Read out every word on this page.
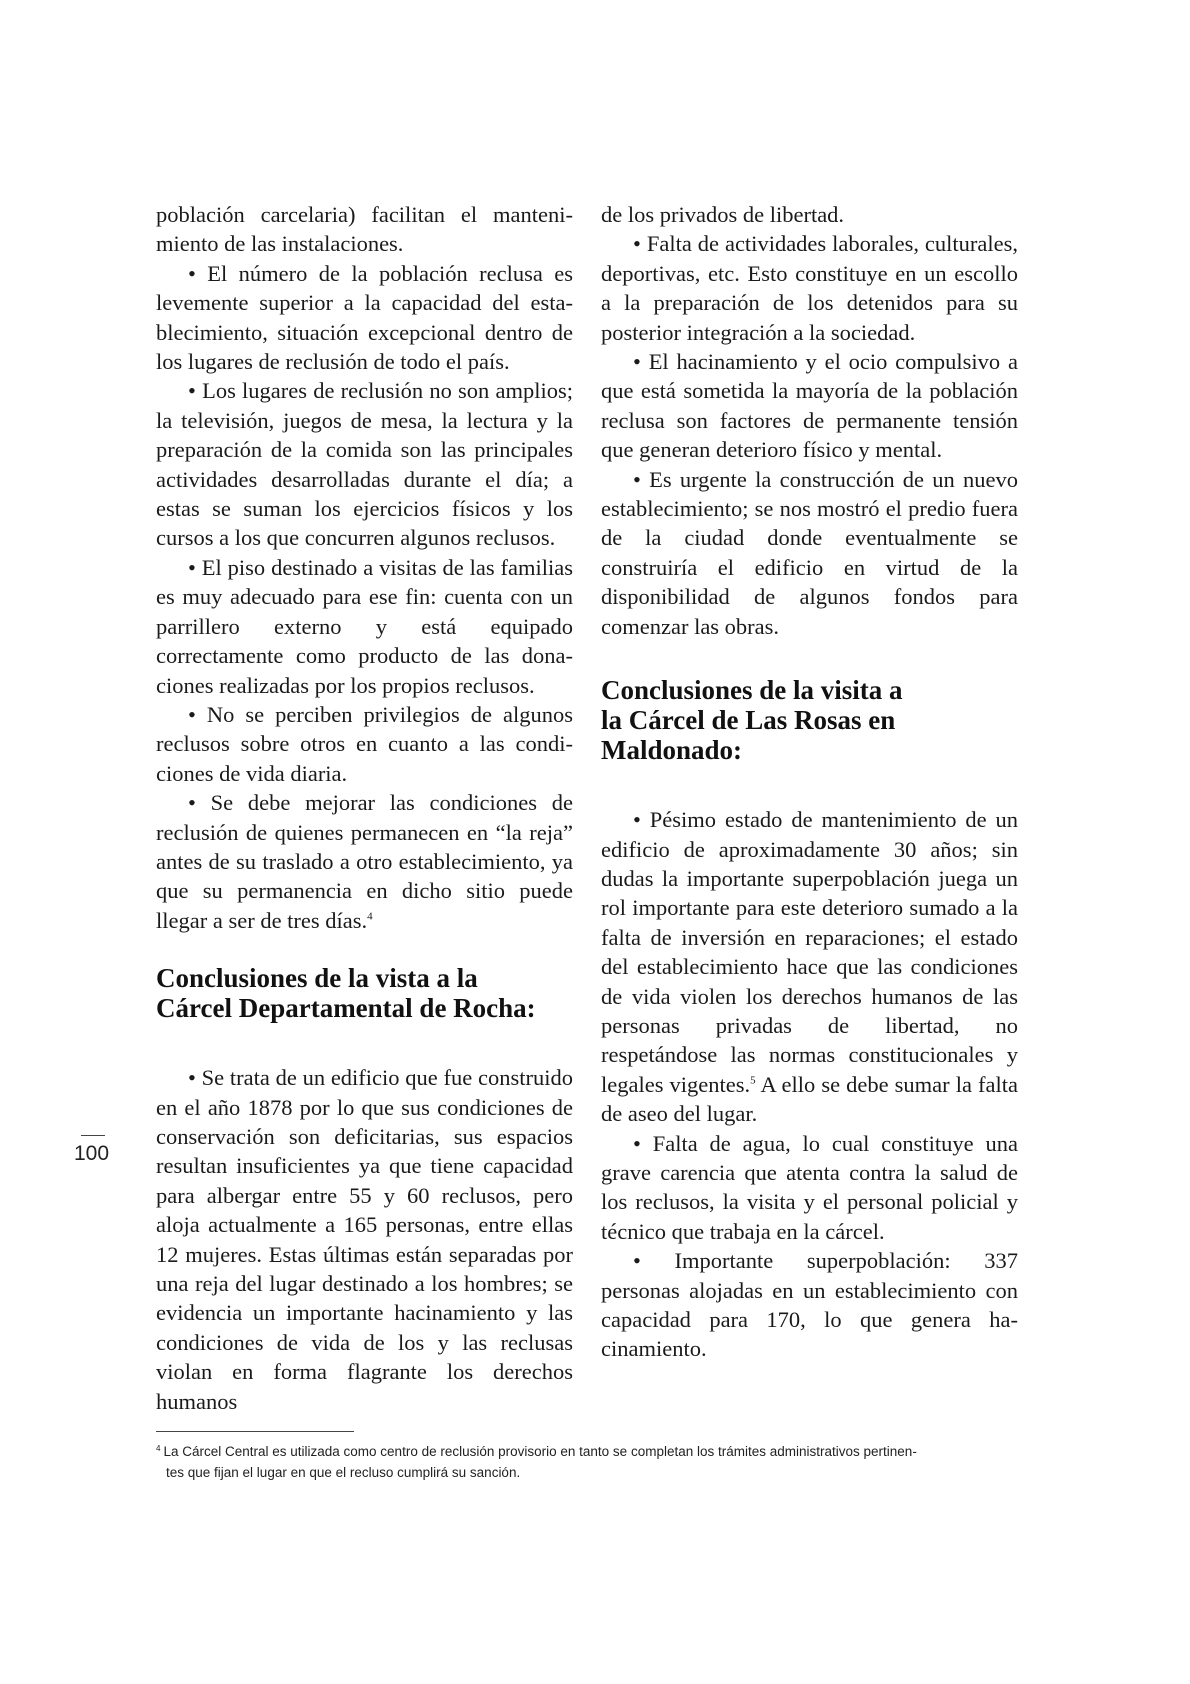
población carcelaria) facilitan el mantenimiento de las instalaciones.

• El número de la población reclusa es levemente superior a la capacidad del establecimiento, situación excepcional dentro de los lugares de reclusión de todo el país.

• Los lugares de reclusión no son amplios; la televisión, juegos de mesa, la lectura y la preparación de la comida son las principales actividades desarrolladas durante el día; a estas se suman los ejercicios físicos y los cursos a los que concurren algunos reclusos.

• El piso destinado a visitas de las familias es muy adecuado para ese fin: cuenta con un parrillero externo y está equipado correctamente como producto de las donaciones realizadas por los propios reclusos.

• No se perciben privilegios de algunos reclusos sobre otros en cuanto a las condiciones de vida diaria.

• Se debe mejorar las condiciones de reclusión de quienes permanecen en “la reja” antes de su traslado a otro establecimiento, ya que su permanencia en dicho sitio puede llegar a ser de tres días.$^4$

Conclusiones de la vista a la
Cárcel Departamental de Rocha:

• Se trata de un edificio que fue construido en el año 1878 por lo que sus condiciones de conservación son deficitarias, sus espacios resultan insuficientes ya que tiene capacidad para albergar entre 55 y 60 reclusos, pero aloja actualmente a 165 personas, entre ellas 12 mujeres. Estas últimas están separadas por una reja del lugar destinado a los hombres; se evidencia un importante hacinamiento y las condiciones de vida de los y las reclusas violan en forma flagrante los derechos humanos

de los privados de libertad.

• Falta de actividades laborales, culturales, deportivas, etc. Esto constituye en un escollo a la preparación de los detenidos para su posterior integración a la sociedad.

• El hacinamiento y el ocio compulsivo a que está sometida la mayoría de la población reclusa son factores de permanente tensión que generan deterioro físico y mental.

• Es urgente la construcción de un nuevo establecimiento; se nos mostró el predio fuera de la ciudad donde eventualmente se construiría el edificio en virtud de la disponibilidad de algunos fondos para comenzar las obras.

Conclusiones de la visita a
la Cárcel de Las Rosas en
Maldonado:

• Pésimo estado de mantenimiento de un edificio de aproximadamente 30 años; sin dudas la importante superpoblación juega un rol importante para este deterioro sumado a la falta de inversión en reparaciones; el estado del establecimiento hace que las condiciones de vida violen los derechos humanos de las personas privadas de libertad, no respetándose las normas constitucionales y legales vigentes.$^5$ A ello se debe sumar la falta de aseo del lugar.

• Falta de agua, lo cual constituye una grave carencia que atenta contra la salud de los reclusos, la visita y el personal policial y técnico que trabaja en la cárcel.

• Importante superpoblación: 337 personas alojadas en un establecimiento con capacidad para 170, lo que genera hacinamiento.

100
$^4$ La Cárcel Central es utilizada como centro de reclusión provisorio en tanto se completan los trámites administrativos pertinen-
tes que fijan el lugar en que el recluso cumplirá su sanción.
